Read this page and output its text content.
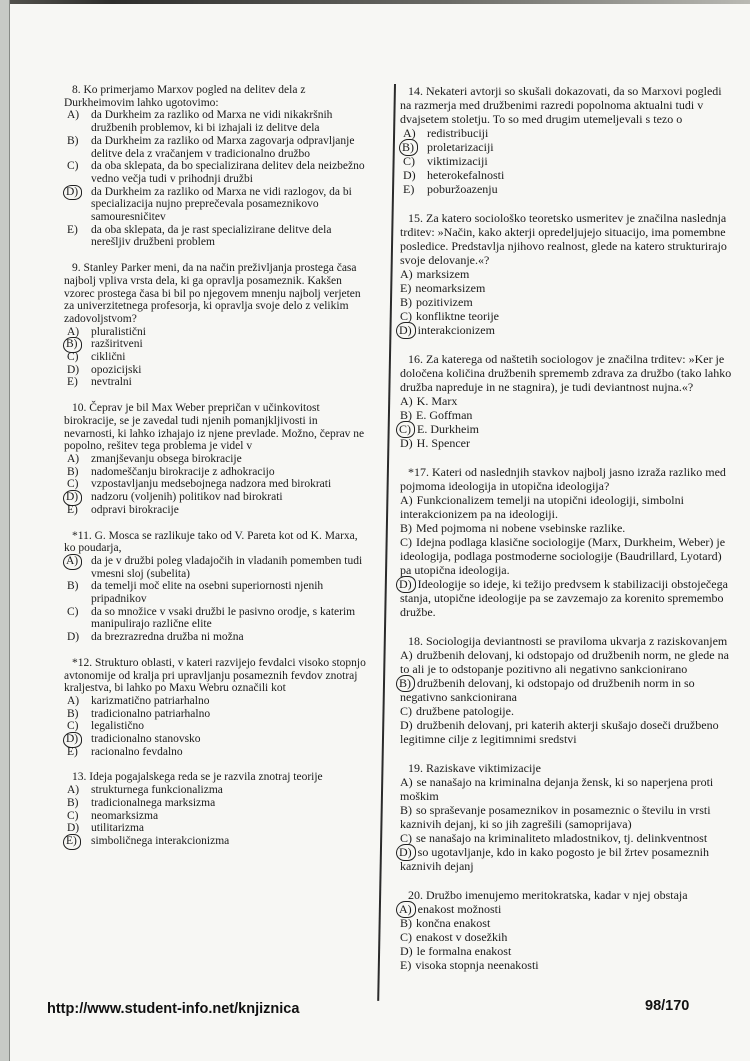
8. Ko primerjamo Marxov pogled na delitev dela z Durkheimovim lahko ugotovimo:

A)	da Durkheim za razliko od Marxa ne vidi nikakršnih družbenih problemov, ki bi izhajali iz delitve dela
B)	da Durkheim za razliko od Marxa zagovarja odpravljanje delitve dela z vračanjem v tradicionalno družbo
C)	da oba sklepata, da bo specializirana delitev dela neizbežno vedno večja tudi v prihodnji družbi
D)	da Durkheim za razliko od Marxa ne vidi razlogov, da bi specializacija nujno preprečevala posameznikovo samouresničitev
E)	da oba sklepata, da je rast specializirane delitve dela nerešljiv družbeni problem

9. Stanley Parker meni, da na način preživljanja prostega časa najbolj vpliva vrsta dela, ki ga opravlja posameznik. Kakšen vzorec prostega časa bi bil po njegovem mnenju najbolj verjeten za univerzitetnega profesorja, ki opravlja svoje delo z velikim zadovoljstvom?

A)	pluralistični
B)	razširitveni
C)	ciklični
D)	opozicijski
E)	nevtralni

10. Čeprav je bil Max Weber prepričan v učinkovitost birokracije, se je zavedal tudi njenih pomanjkljivosti in nevarnosti, ki lahko izhajajo iz njene prevlade. Možno, čeprav ne popolno, rešitev tega problema je videl v

A)	zmanjševanju obsega birokracije
B)	nadomeščanju birokracije z adhokracijo
C)	vzpostavljanju medsebojnega nadzora med birokrati
D)	nadzoru (voljenih) politikov nad birokrati
E)	odpravi birokracije

*11. G. Mosca se razlikuje tako od V. Pareta kot od K. Marxa, ko poudarja,

A)	da je v družbi poleg vladajočih in vladanih pomemben tudi vmesni sloj (subelita)
B)	da temelji moč elite na osebni superiornosti njenih pripadnikov
C)	da so množice v vsaki družbi le pasivno orodje, s katerim manipulirajo različne elite
D)	da brezrazredna družba ni možna

*12. Strukturo oblasti, v kateri razvijejo fevdalci visoko stopnjo avtonomije od kralja pri upravljanju posameznih fevdov znotraj kraljestva, bi lahko po Maxu Webru označili kot

A)	karizmatično patriarhalno
B)	tradicionalno patriarhalno
C)	legalistično
D)	tradicionalno stanovsko
E)	racionalno fevdalno

13. Ideja pogajalskega reda se je razvila znotraj teorije

A)	strukturnega funkcionalizma
B)	tradicionalnega marksizma
C)	neomarksizma
D)	utilitarizma
E)	simboličnega interakcionizma

14. Nekateri avtorji so skušali dokazovati, da so Marxovi pogledi na razmerja med družbenimi razredi popolnoma aktualni tudi v dvajsetem stoletju. To so med drugim utemeljevali s tezo o

A) redistribuciji
B)	proletarizaciji
C)	viktimizaciji
D) heterokefalnosti
E)	poburžoazenju

15. Za katero sociološko teoretsko usmeritev je značilna naslednja trditev: »Način, kako akterji opredeljujejo situacijo, ima pomembne posledice. Predstavlja njihovo realnost, glede na katero strukturirajo svoje delovanje.«?

A) marksizem

E) neomarksizem

B) pozitivizem

C) konfliktne teorije

D) interakcionizem

16. Za katerega od naštetih sociologov je značilna trditev: »Ker je določena količina družbenih sprememb zdrava za družbo (tako lahko družba napreduje in ne stagnira), je tudi deviantnost nujna.«?

A) K. Marx

B) E. Goffman

C) E. Durkheim

D) H. Spencer

*17. Kateri od naslednjih stavkov najbolj jasno izraža razliko med pojmoma ideologija in utopična ideologija?

A) Funkcionalizem temelji na utopični ideologiji, simbolni interakcionizem pa na ideologiji.

B) Med pojmoma ni nobene vsebinske razlike.

C) Idejna podlaga klasične sociologije (Marx, Durkheim, Weber) je ideologija, podlaga postmoderne sociologije (Baudrillard, Lyotard) pa utopična ideologija.

D) Ideologije so ideje, ki težijo predvsem k stabilizaciji obstoječega stanja, utopične ideologije pa se zavzemajo za korenito spremembo družbe.

18. Sociologija deviantnosti se praviloma ukvarja z raziskovanjem

A) družbenih delovanj, ki odstopajo od družbenih norm, ne glede na to ali je to odstopanje pozitivno ali negativno sankcionirano

B) družbenih delovanj, ki odstopajo od družbenih norm in so negativno sankcionirana

C) družbene patologije.

D) družbenih delovanj, pri katerih akterji skušajo doseči družbeno legitimne cilje z legitimnimi sredstvi

19. Raziskave viktimizacije

A) se nanašajo na kriminalna dejanja žensk, ki so naperjena proti moškim

B) so spraševanje posameznikov in posameznic o številu in vrsti kaznivih dejanj, ki so jih zagrešili (samoprijava)

C) se nanašajo na kriminaliteto mladostnikov, tj. delinkventnost

D) so ugotavljanje, kdo in kako pogosto je bil žrtev posameznih kaznivih dejanj

20. Družbo imenujemo meritokratska, kadar v njej obstaja

A) enakost možnosti

B) končna enakost

C) enakost v dosežkih

D) le formalna enakost

E) visoka stopnja neenakosti

http://www.student-info.net/knjiznica	98/170
